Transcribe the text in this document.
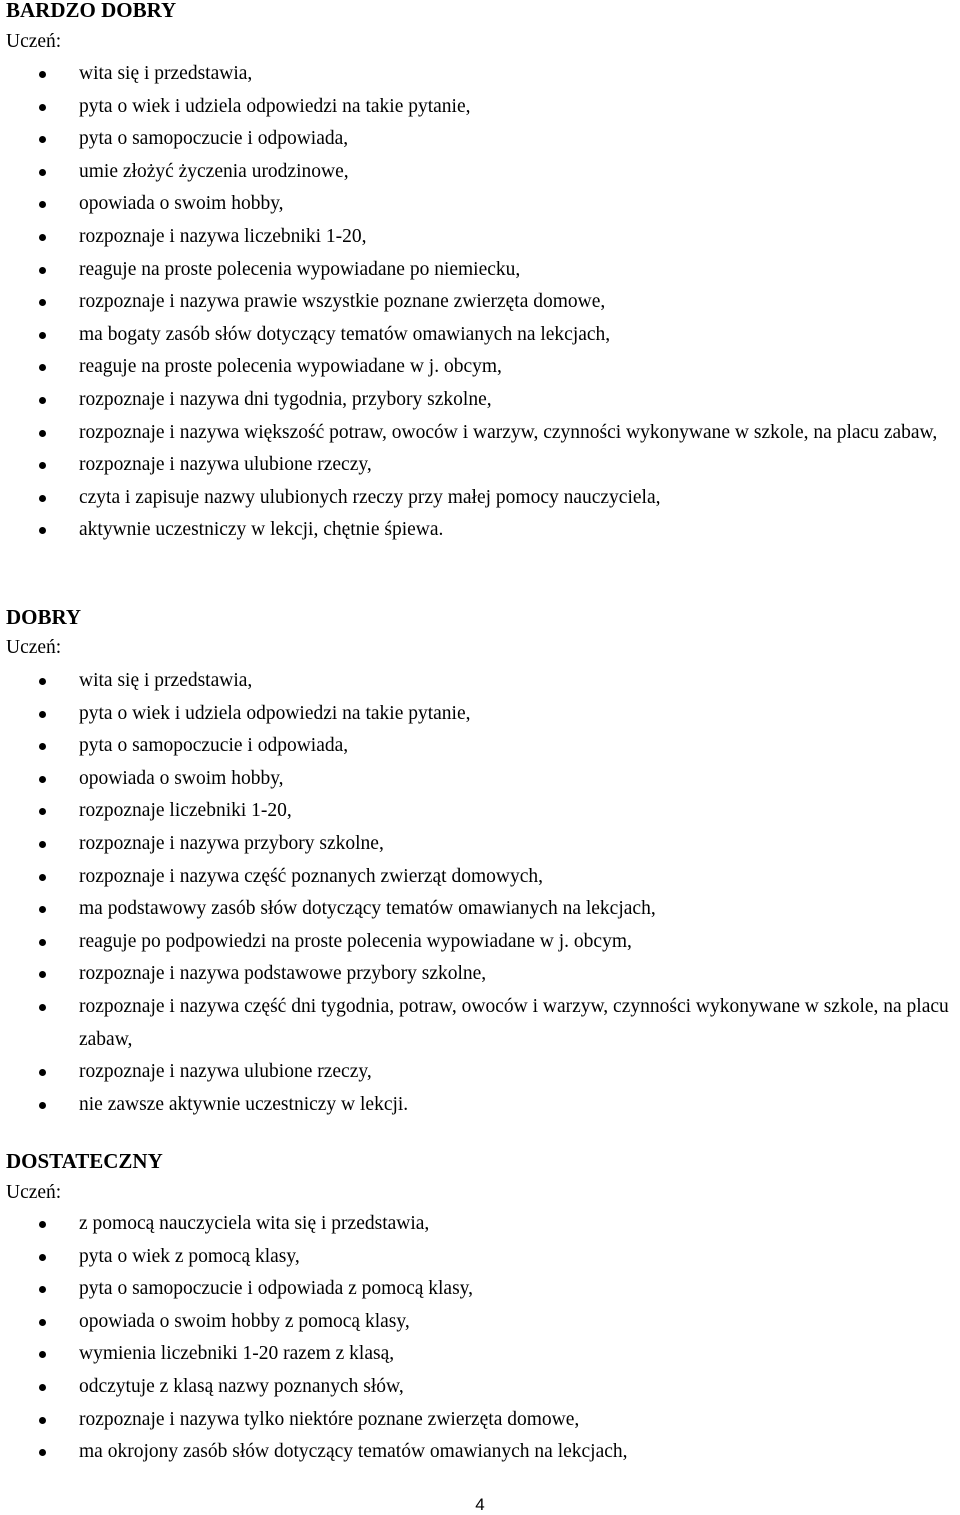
BARDZO DOBRY
Uczeń:
wita się i przedstawia,
pyta o wiek i udziela odpowiedzi na takie pytanie,
pyta o samopoczucie i odpowiada,
umie złożyć życzenia urodzinowe,
opowiada o swoim hobby,
rozpoznaje i nazywa liczebniki 1-20,
reaguje na proste polecenia wypowiadane po niemiecku,
rozpoznaje i nazywa prawie wszystkie poznane zwierzęta domowe,
ma bogaty zasób słów dotyczący tematów omawianych na lekcjach,
reaguje na proste polecenia wypowiadane w j. obcym,
rozpoznaje i nazywa dni tygodnia, przybory szkolne,
rozpoznaje i nazywa większość potraw, owoców i warzyw, czynności wykonywane w szkole, na placu zabaw,
rozpoznaje i nazywa ulubione rzeczy,
czyta i zapisuje nazwy ulubionych rzeczy przy małej pomocy nauczyciela,
aktywnie uczestniczy w lekcji, chętnie śpiewa.
DOBRY
Uczeń:
wita się i przedstawia,
pyta o wiek i udziela odpowiedzi na takie pytanie,
pyta o samopoczucie i odpowiada,
opowiada o swoim hobby,
rozpoznaje liczebniki 1-20,
rozpoznaje i nazywa przybory szkolne,
rozpoznaje i nazywa część poznanych zwierząt domowych,
ma podstawowy zasób słów dotyczący tematów omawianych na lekcjach,
reaguje po podpowiedzi na proste polecenia wypowiadane w j. obcym,
rozpoznaje i nazywa podstawowe przybory szkolne,
rozpoznaje i nazywa część dni tygodnia, potraw, owoców i warzyw, czynności wykonywane w szkole, na placu zabaw,
rozpoznaje i nazywa ulubione rzeczy,
nie zawsze aktywnie uczestniczy w lekcji.
DOSTATECZNY
Uczeń:
z pomocą nauczyciela wita się i przedstawia,
pyta o wiek z pomocą klasy,
pyta o samopoczucie i odpowiada z pomocą klasy,
opowiada o swoim hobby z pomocą klasy,
wymienia liczebniki 1-20 razem z klasą,
odczytuje z klasą nazwy poznanych słów,
rozpoznaje i nazywa tylko niektóre poznane zwierzęta domowe,
ma okrojony zasób słów dotyczący tematów omawianych na lekcjach,
4
